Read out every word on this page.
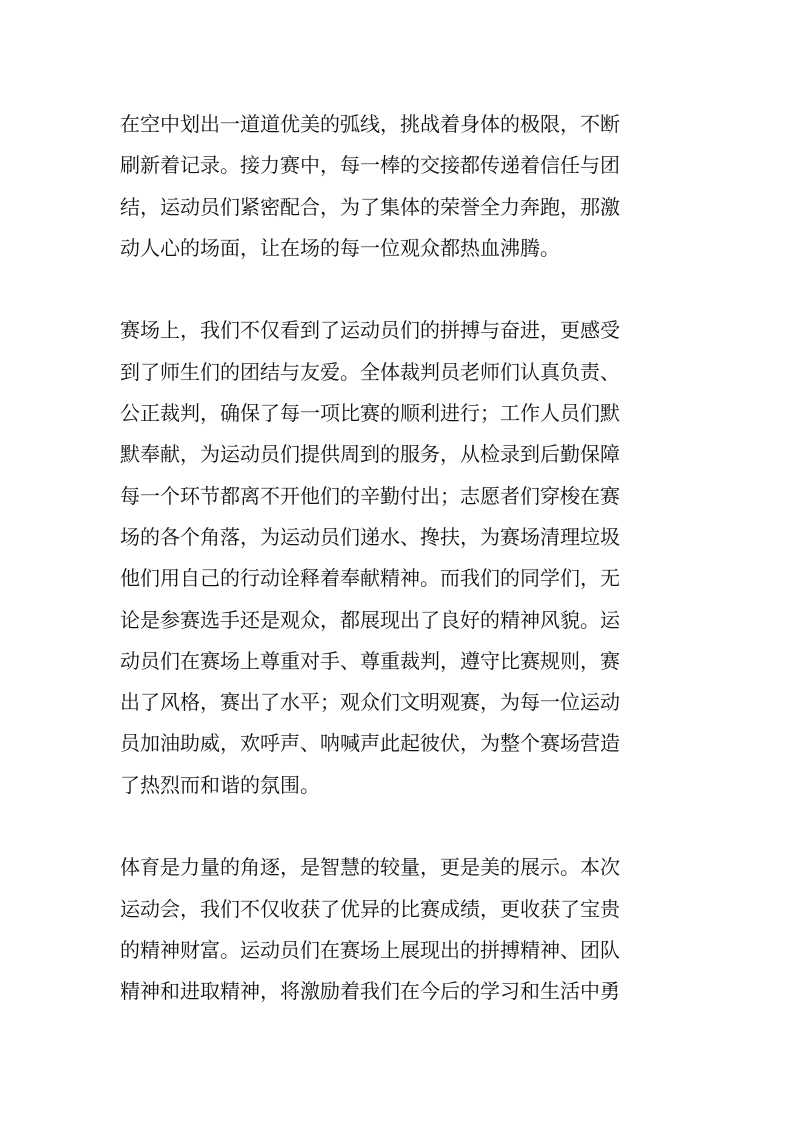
在空中划出一道道优美的弧线，挑战着身体的极限，不断
刷新着记录。接力赛中，每一棒的交接都传递着信任与团
结，运动员们紧密配合，为了集体的荣誉全力奔跑，那激
动人心的场面，让在场的每一位观众都热血沸腾。
赛场上，我们不仅看到了运动员们的拼搏与奋进，更感受
到了师生们的团结与友爱。全体裁判员老师们认真负责、
公正裁判，确保了每一项比赛的顺利进行；工作人员们默
默奉献，为运动员们提供周到的服务，从检录到后勤保障
每一个环节都离不开他们的辛勤付出；志愿者们穿梭在赛
场的各个角落，为运动员们递水、搀扶，为赛场清理垃圾
他们用自己的行动诠释着奉献精神。而我们的同学们，无
论是参赛选手还是观众，都展现出了良好的精神风貌。运
动员们在赛场上尊重对手、尊重裁判，遵守比赛规则，赛
出了风格，赛出了水平；观众们文明观赛，为每一位运动
员加油助威，欢呼声、呐喊声此起彼伏，为整个赛场营造
了热烈而和谐的氛围。
体育是力量的角逐，是智慧的较量，更是美的展示。本次
运动会，我们不仅收获了优异的比赛成绩，更收获了宝贵
的精神财富。运动员们在赛场上展现出的拼搏精神、团队
精神和进取精神，将激励着我们在今后的学习和生活中勇
